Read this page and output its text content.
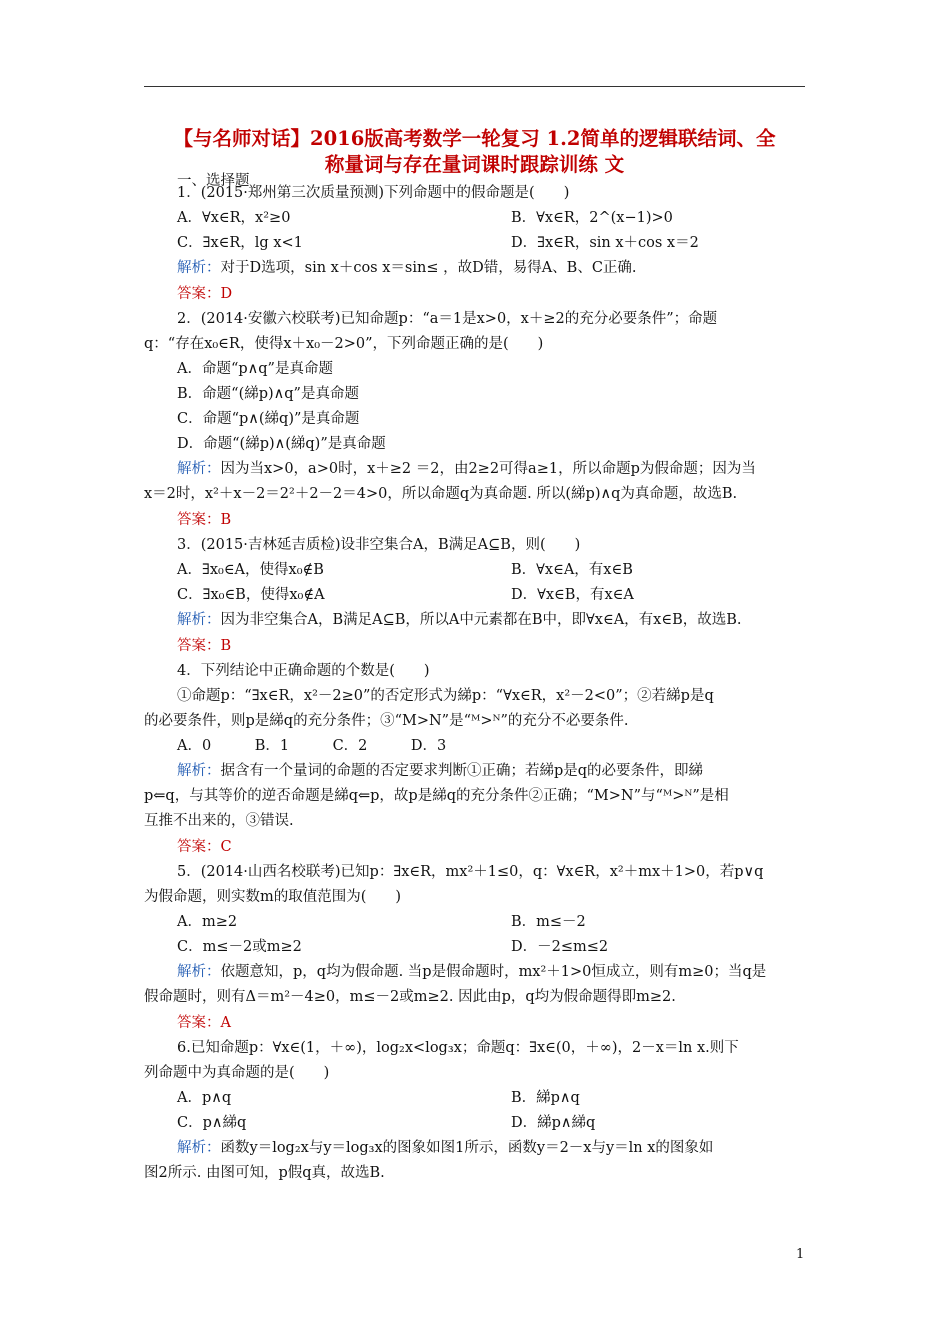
【与名师对话】2016版高考数学一轮复习 1.2简单的逻辑联结词、全
称量词与存在量词课时跟踪训练 文
一、选择题
1．(2015·郑州第三次质量预测)下列命题中的假命题是(　　)
A．∀x∈R，x²≥0	B．∀x∈R，2^(x−1)>0
C．∃x∈R，lg x<1	D．∃x∈R，sin x＋cos x＝2
解析：对于D选项，sin x＋cos x＝sin≤ ，故D错，易得A、B、C正确.
答案：D
2．(2014·安徽六校联考)已知命题p：“a＝1是x>0，x＋≥2的充分必要条件”；命题
q：“存在x₀∈R，使得x＋x₀－2>0”，下列命题正确的是(　　)
A．命题“p∧q”是真命题
B．命题“(綈p)∧q”是真命题
C．命题“p∧(綈q)”是真命题
D．命题“(綈p)∧(綈q)”是真命题
解析：因为当x>0，a>0时，x＋≥2 ＝2，由2≥2可得a≥1，所以命题p为假命题；因为当
x＝2时，x²＋x－2＝2²＋2－2＝4>0，所以命题q为真命题. 所以(綈p)∧q为真命题，故选B.
答案：B
3．(2015·吉林延吉质检)设非空集合A，B满足A⊆B，则(　　)
A．∃x₀∈A，使得x₀∉B	B．∀x∈A，有x∈B
C．∃x₀∈B，使得x₀∉A	D．∀x∈B，有x∈A
解析：因为非空集合A，B满足A⊆B，所以A中元素都在B中，即∀x∈A，有x∈B，故选B.
答案：B
4．下列结论中正确命题的个数是(　　)
①命题p：“∃x∈R，x²－2≥0”的否定形式为綈p：“∀x∈R，x²－2<0”；②若綈p是q
的必要条件，则p是綈q的充分条件；③“M>N”是“ᴹ>ᴺ”的充分不必要条件.
A．0　　　B．1　　　C．2　　　D．3
解析：据含有一个量词的命题的否定要求判断①正确；若綈p是q的必要条件，即綈
p⇐q，与其等价的逆否命题是綈q⇐p，故p是綈q的充分条件②正确；“M>N”与“ᴹ>ᴺ”是相
互推不出来的，③错误.
答案：C
5．(2014·山西名校联考)已知p：∃x∈R，mx²＋1≤0，q：∀x∈R，x²＋mx＋1>0，若p∨q
为假命题，则实数m的取值范围为(　　)
A．m≥2	B．m≤－2
C．m≤－2或m≥2	D．－2≤m≤2
解析：依题意知，p，q均为假命题. 当p是假命题时，mx²＋1>0恒成立，则有m≥0；当q是
假命题时，则有Δ＝m²－4≥0，m≤－2或m≥2. 因此由p，q均为假命题得即m≥2.
答案：A
6.已知命题p：∀x∈(1，＋∞)，log₂x<log₃x；命题q：∃x∈(0，＋∞)，2－x＝ln x.则下
列命题中为真命题的是(　　)
A．p∧q	B．綈p∧q
C．p∧綈q	D．綈p∧綈q
解析：函数y＝log₂x与y＝log₃x的图象如图1所示，函数y＝2－x与y＝ln x的图象如
图2所示. 由图可知，p假q真，故选B.
1
